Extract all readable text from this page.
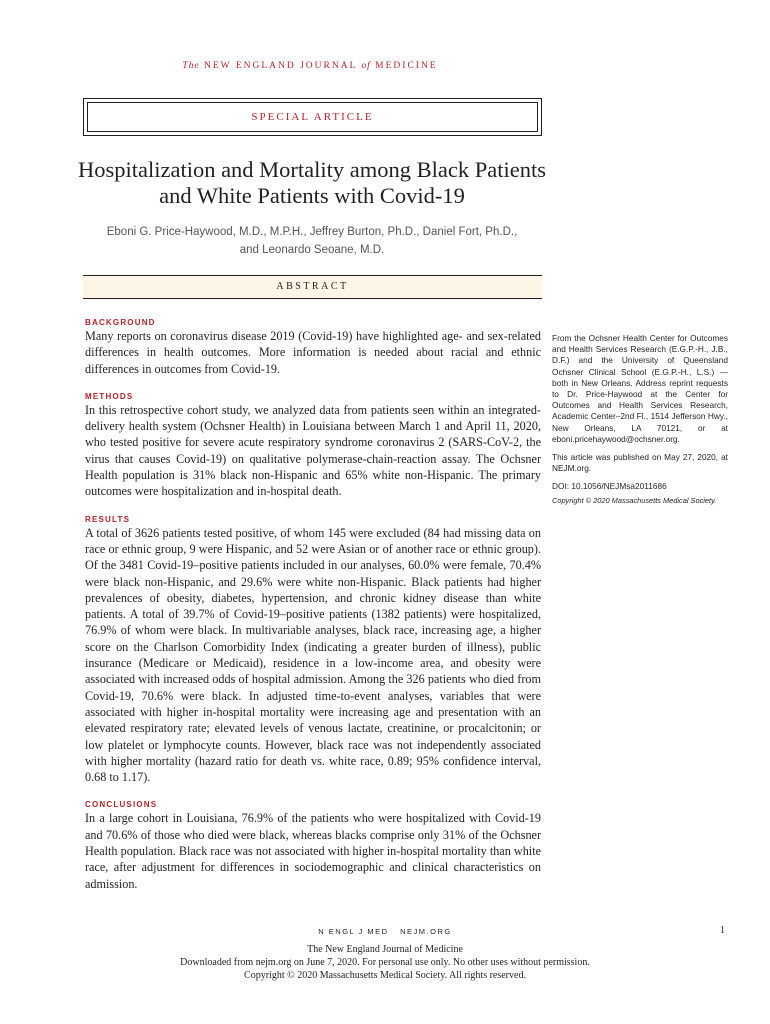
The NEW ENGLAND JOURNAL of MEDICINE
SPECIAL ARTICLE
Hospitalization and Mortality among Black Patients and White Patients with Covid-19
Eboni G. Price-Haywood, M.D., M.P.H., Jeffrey Burton, Ph.D., Daniel Fort, Ph.D.,
and Leonardo Seoane, M.D.
ABSTRACT
BACKGROUND

Many reports on coronavirus disease 2019 (Covid-19) have highlighted age- and sex-related differences in health outcomes. More information is needed about racial and ethnic differences in outcomes from Covid-19.

METHODS

In this retrospective cohort study, we analyzed data from patients seen within an integrated-delivery health system (Ochsner Health) in Louisiana between March 1 and April 11, 2020, who tested positive for severe acute respiratory syndrome coronavirus 2 (SARS-CoV-2, the virus that causes Covid-19) on qualitative polymerase-chain-reaction assay. The Ochsner Health population is 31% black non-Hispanic and 65% white non-Hispanic. The primary outcomes were hospitalization and in-hospital death.

RESULTS

A total of 3626 patients tested positive, of whom 145 were excluded (84 had missing data on race or ethnic group, 9 were Hispanic, and 52 were Asian or of another race or ethnic group). Of the 3481 Covid-19–positive patients included in our analyses, 60.0% were female, 70.4% were black non-Hispanic, and 29.6% were white non-Hispanic. Black patients had higher prevalences of obesity, diabetes, hypertension, and chronic kidney disease than white patients. A total of 39.7% of Covid-19–positive patients (1382 patients) were hospitalized, 76.9% of whom were black. In multivariable analyses, black race, increasing age, a higher score on the Charlson Comorbidity Index (indicating a greater burden of illness), public insurance (Medicare or Medicaid), residence in a low-income area, and obesity were associated with increased odds of hospital admission. Among the 326 patients who died from Covid-19, 70.6% were black. In adjusted time-to-event analyses, variables that were associated with higher in-hospital mortality were increasing age and presentation with an elevated respiratory rate; elevated levels of venous lactate, creatinine, or procalcitonin; or low platelet or lymphocyte counts. However, black race was not independently associated with higher mortality (hazard ratio for death vs. white race, 0.89; 95% confidence interval, 0.68 to 1.17).

CONCLUSIONS

In a large cohort in Louisiana, 76.9% of the patients who were hospitalized with Covid-19 and 70.6% of those who died were black, whereas blacks comprise only 31% of the Ochsner Health population. Black race was not associated with higher in-hospital mortality than white race, after adjustment for differences in sociodemographic and clinical characteristics on admission.

From the Ochsner Health Center for Outcomes and Health Services Research (E.G.P.-H., J.B., D.F.) and the University of Queensland Ochsner Clinical School (E.G.P.-H., L.S.) — both in New Orleans. Address reprint requests to Dr. Price-Haywood at the Center for Outcomes and Health Services Research, Academic Center–2nd Fl., 1514 Jefferson Hwy., New Orleans, LA 70121, or at eboni.pricehaywood@ochsner.org.

This article was published on May 27, 2020, at NEJM.org.

DOI: 10.1056/NEJMsa2011686

Copyright © 2020 Massachusetts Medical Society.

N ENGL J MED NEJM.ORG	1
The New England Journal of Medicine
Downloaded from nejm.org on June 7, 2020. For personal use only. No other uses without permission.
Copyright © 2020 Massachusetts Medical Society. All rights reserved.
